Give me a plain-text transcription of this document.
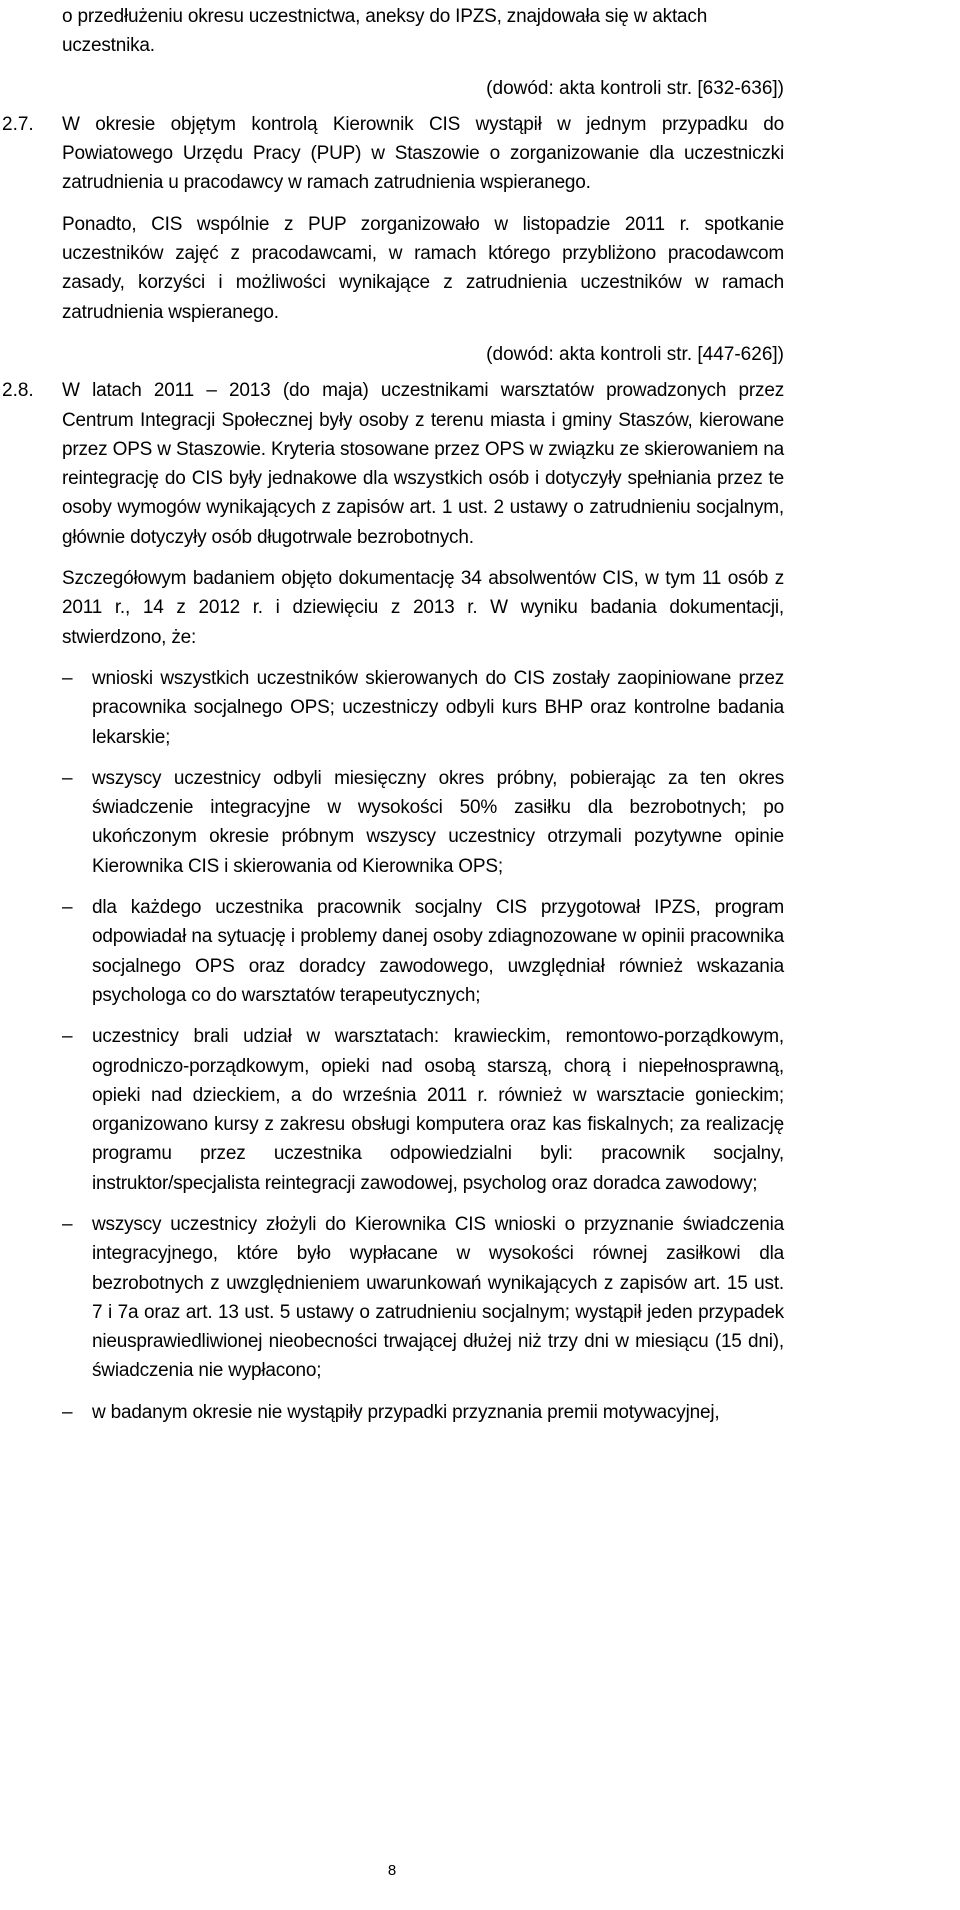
o przedłużeniu okresu uczestnictwa, aneksy do IPZS, znajdowała się w aktach uczestnika.

(dowód: akta kontroli str. [632-636])

2.7.	W okresie objętym kontrolą Kierownik CIS wystąpił w jednym przypadku do Powiatowego Urzędu Pracy (PUP) w Staszowie o zorganizowanie dla uczestniczki zatrudnienia u pracodawcy w ramach zatrudnienia wspieranego.

Ponadto, CIS wspólnie z PUP zorganizowało w listopadzie 2011 r. spotkanie uczestników zajęć z pracodawcami, w ramach którego przybliżono pracodawcom zasady, korzyści i możliwości wynikające z zatrudnienia uczestników w ramach zatrudnienia wspieranego.

(dowód: akta kontroli str. [447-626])

2.8.	W latach 2011 – 2013 (do maja) uczestnikami warsztatów prowadzonych przez Centrum Integracji Społecznej były osoby z terenu miasta i gminy Staszów, kierowane przez OPS w Staszowie. Kryteria stosowane przez OPS w związku ze skierowaniem na reintegrację do CIS były jednakowe dla wszystkich osób i dotyczyły spełniania przez te osoby wymogów wynikających z zapisów art. 1 ust. 2 ustawy o zatrudnieniu socjalnym, głównie dotyczyły osób długotrwale bezrobotnych.

Szczegółowym badaniem objęto dokumentację 34 absolwentów CIS, w tym 11 osób z 2011 r., 14 z 2012 r. i dziewięciu z 2013 r. W wyniku badania dokumentacji, stwierdzono, że:

–	wnioski wszystkich uczestników skierowanych do CIS zostały zaopiniowane przez pracownika socjalnego OPS; uczestniczy odbyli kurs BHP oraz kontrolne badania lekarskie;

–	wszyscy uczestnicy odbyli miesięczny okres próbny, pobierając za ten okres świadczenie integracyjne w wysokości 50% zasiłku dla bezrobotnych; po ukończonym okresie próbnym wszyscy uczestnicy otrzymali pozytywne opinie Kierownika CIS i skierowania od Kierownika OPS;

–	dla każdego uczestnika pracownik socjalny CIS przygotował IPZS, program odpowiadał na sytuację i problemy danej osoby zdiagnozowane w opinii pracownika socjalnego OPS oraz doradcy zawodowego, uwzględniał również wskazania psychologa co do warsztatów terapeutycznych;

–	uczestnicy brali udział w warsztatach: krawieckim, remontowo-porządkowym, ogrodniczo-porządkowym, opieki nad osobą starszą, chorą i niepełnosprawną, opieki nad dzieckiem, a do września 2011 r. również w warsztacie gonieckim; organizowano kursy z zakresu obsługi komputera oraz kas fiskalnych; za realizację programu przez uczestnika odpowiedzialni byli: pracownik socjalny, instruktor/specjalista reintegracji zawodowej, psycholog oraz doradca zawodowy;

–	wszyscy uczestnicy złożyli do Kierownika CIS wnioski o przyznanie świadczenia integracyjnego, które było wypłacane w wysokości równej zasiłkowi dla bezrobotnych z uwzględnieniem uwarunkowań wynikających z zapisów art. 15 ust. 7 i 7a oraz art. 13 ust. 5 ustawy o zatrudnieniu socjalnym; wystąpił jeden przypadek nieusprawiedliwionej nieobecności trwającej dłużej niż trzy dni w miesiącu (15 dni), świadczenia nie wypłacono;

–	w badanym okresie nie wystąpiły przypadki przyznania premii motywacyjnej,

8
